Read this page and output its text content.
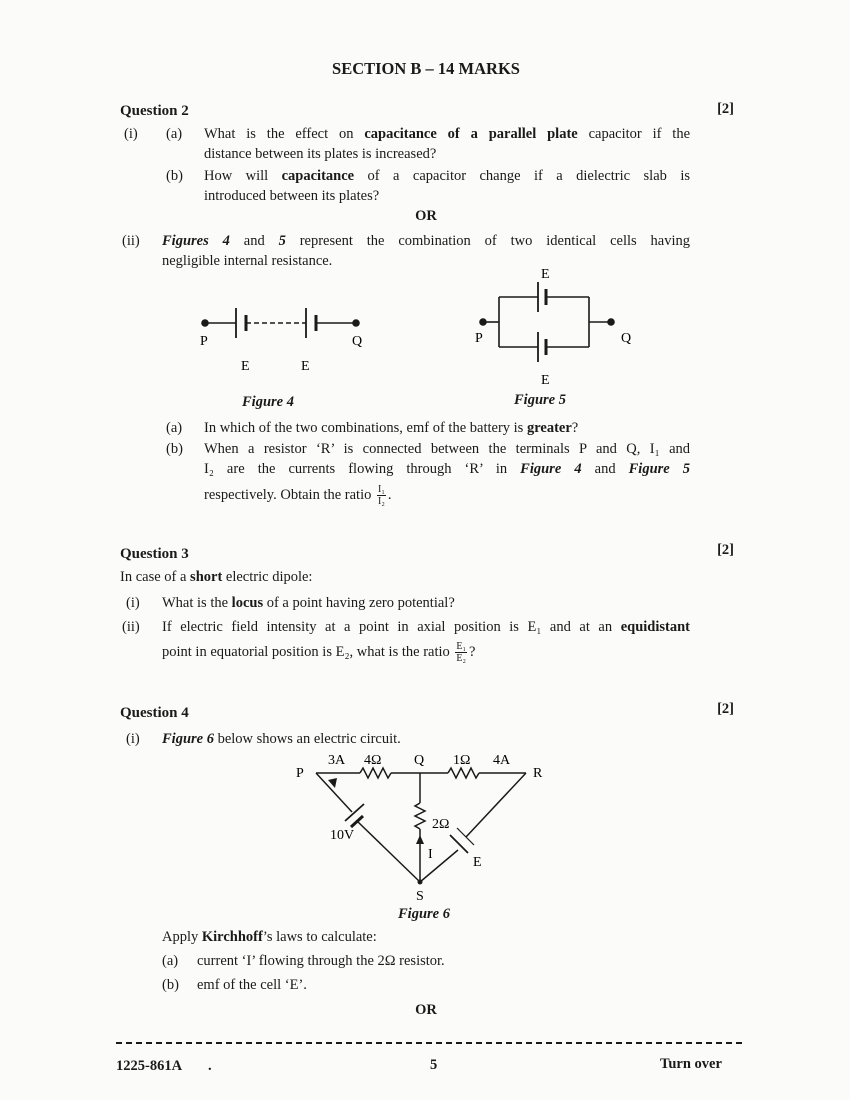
SECTION B – 14 MARKS
Question 2	[2]
(i) (a) What is the effect on capacitance of a parallel plate capacitor if the
distance between its plates is increased?
(b) How will capacitance of a capacitor change if a dielectric slab is
introduced between its plates?
OR
(ii) Figures 4 and 5 represent the combination of two identical cells having
negligible internal resistance.
P	Q
E	E
Figure 4
E
P	Q
E
Figure 5
(a) In which of the two combinations, emf of the battery is greater?
(b) When a resistor ‘R’ is connected between the terminals P and Q, I₁ and
I₂ are the currents flowing through ‘R’ in Figure 4 and Figure 5
respectively. Obtain the ratio $\frac{\text{I₁}}{\text{I₂}}$ .
Question 3	[2]
In case of a short electric dipole:
(i) What is the locus of a point having zero potential?
(ii) If electric field intensity at a point in axial position is E₁ and at an equidistant
point in equatorial position is E₂, what is the ratio $\frac{\text{E₁}}{\text{E₂}}$ ?
Question 4	[2]
(i) Figure 6 below shows an electric circuit.
3A 4Ω Q 1Ω 4A
P	R
2Ω
10V
I
E
S
Figure 6
Apply Kirchhoff’s laws to calculate:
(a) current ‘I’ flowing through the 2Ω resistor.
(b) emf of the cell ‘E’.
OR
1225-861A .	5	Turn over
